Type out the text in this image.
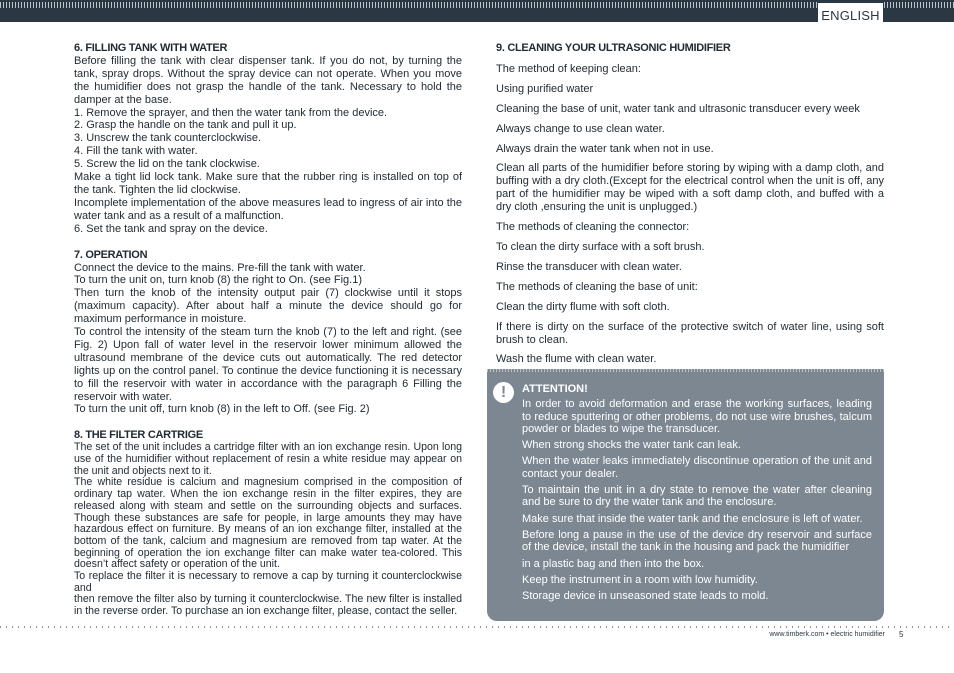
ENGLISH
6. FILLING TANK WITH WATER

Before filling the tank with clear dispenser tank. If you do not, by turning the tank, spray drops. Without the spray device can not operate. When you move the humidifier does not grasp the handle of the tank. Necessary to hold the damper at the base.

1. Remove the sprayer, and then the water tank from the device.

2. Grasp the handle on the tank and pull it up.

3. Unscrew the tank counterclockwise.

4. Fill the tank with water.

5. Screw the lid on the tank clockwise.

Make a tight lid lock tank. Make sure that the rubber ring is installed on top of the tank. Tighten the lid clockwise.

Incomplete implementation of the above measures lead to ingress of air into the water tank and as a result of a malfunction.

6. Set the tank and spray on the device.

7. OPERATION

Connect the device to the mains. Pre-fill the tank with water.

To turn the unit on, turn knob (8) the right to On. (see Fig.1)

Then turn the knob of the intensity output pair (7) clockwise until it stops (maximum capacity). After about half a minute the device should go for maximum performance in moisture.

To control the intensity of the steam turn the knob (7) to the left and right. (see Fig. 2) Upon fall of water level in the reservoir lower minimum allowed the ultrasound membrane of the device cuts out automatically. The red detector lights up on the control panel. To continue the device functioning it is necessary to fill the reservoir with water in accordance with the paragraph 6 Filling the reservoir with water.

To turn the unit off, turn knob (8) in the left to Off. (see Fig. 2)

8. THE FILTER CARTRIGE

The set of the unit includes a cartridge filter with an ion exchange resin. Upon long use of the humidifier without replacement of resin a white residue may appear on the unit and objects next to it.

The white residue is calcium and magnesium comprised in the composition of ordinary tap water. When the ion exchange resin in the filter expires, they are released along with steam and settle on the surrounding objects and surfaces. Though these substances are safe for people, in large amounts they may have hazardous effect on furniture. By means of an ion exchange filter, installed at the bottom of the tank, calcium and magnesium are removed from tap water. At the beginning of operation the ion exchange filter can make water tea-colored. This doesn’t affect safety or operation of the unit.

To replace the filter it is necessary to remove a cap by turning it counterclockwise and

then remove the filter also by turning it counterclockwise. The new filter is installed in the reverse order. To purchase an ion exchange filter, please, contact the seller.

9. CLEANING YOUR ULTRASONIC HUMIDIFIER

The method of keeping clean:

Using purified water

Cleaning the base of unit, water tank and ultrasonic transducer every week

Always change to use clean water.

Always drain the water tank when not in use.

Clean all parts of the humidifier before storing by wiping with a damp cloth, and buffing with a dry cloth.(Except for the electrical control when the unit is off, any part of the humidifier may be wiped with a soft damp cloth, and buffed with a dry cloth ,ensuring the unit is unplugged.)

The methods of cleaning the connector:

To clean the dirty surface with a soft brush.

Rinse the transducer with clean water.

The methods of cleaning the base of unit:

Clean the dirty flume with soft cloth.

If there is dirty on the surface of the protective switch of water line, using soft brush to clean.

Wash the flume with clean water.

!	ATTENTION!

In order to avoid deformation and erase the working surfaces, leading to reduce sputtering or other problems, do not use wire brushes, talcum powder or blades to wipe the transducer.

When strong shocks the water tank can leak.

When the water leaks immediately discontinue operation of the unit and contact your dealer.

To maintain the unit in a dry state to remove the water after cleaning and be sure to dry the water tank and the enclosure.

Make sure that inside the water tank and the enclosure is left of water.

Before long a pause in the use of the device dry reservoir and surface of the device, install the tank in the housing and pack the humidifier

in a plastic bag and then into the box.

Keep the instrument in a room with low humidity.

Storage device in unseasoned state leads to mold.

www.timberk.com • electric humidifier 5
